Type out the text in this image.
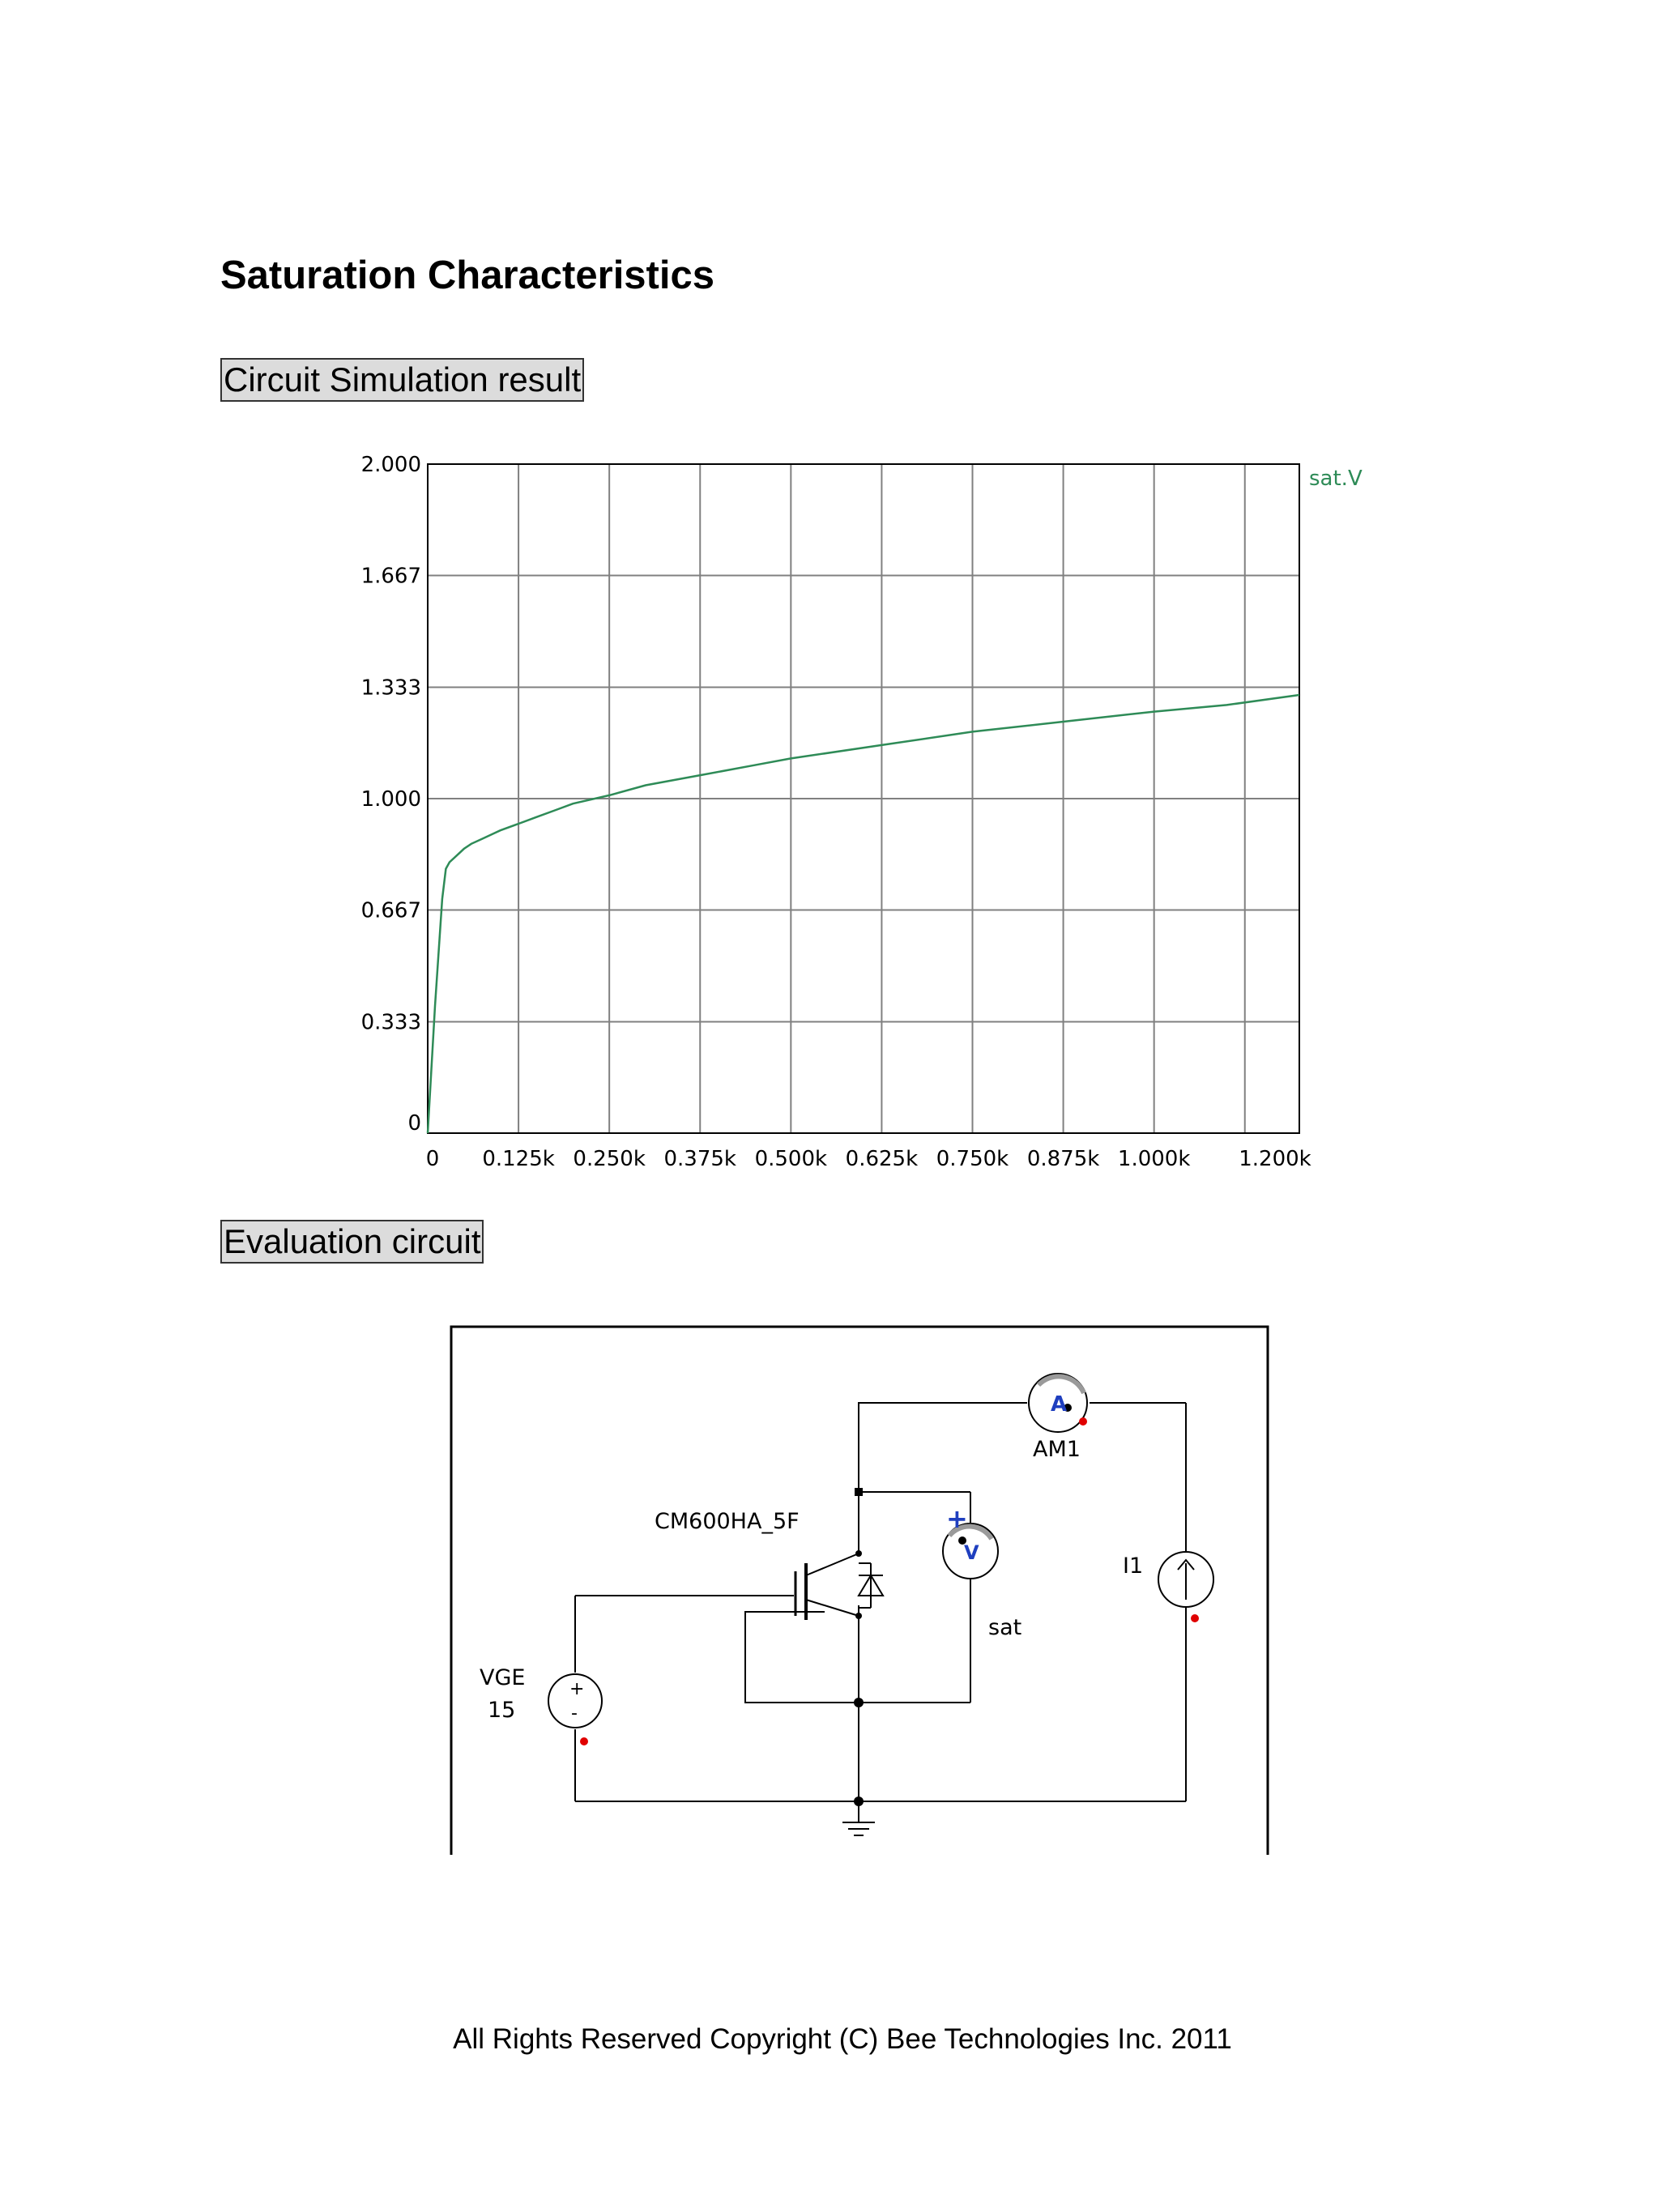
Saturation Characteristics
Circuit Simulation result
0
0.333
0.667
1.000
1.333
1.667
2.000
0 0.125k 0.250k 0.375k 0.500k 0.625k 0.750k 0.875k 1.000k 1.200k
sat.V
Evaluation circuit
A
V
+
AM1
CM600HA_5F
sat
I1
VGE
15
+
-
All Rights Reserved Copyright (C) Bee Technologies Inc. 2011
